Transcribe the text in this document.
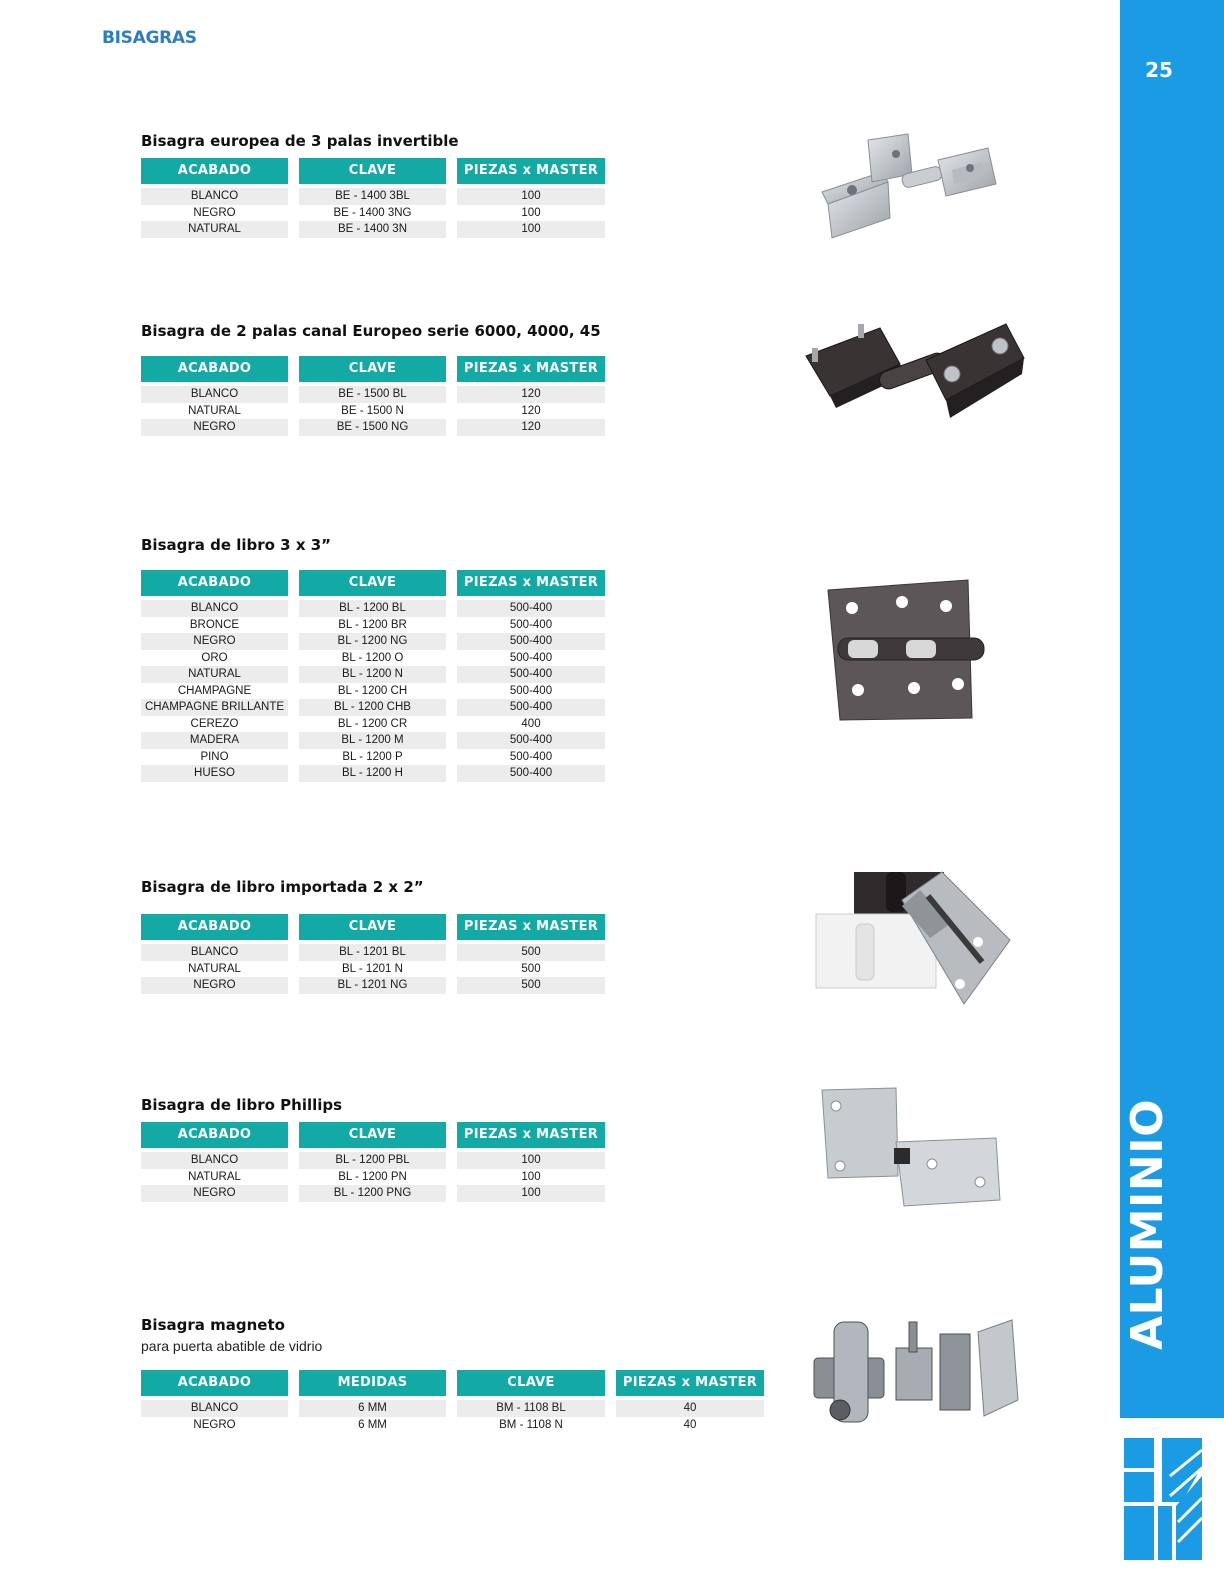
BISAGRAS
25
ALUMINIO
Bisagra europea de 3 palas invertible
ACABADO	CLAVE	PIEZAS x MASTER
BLANCO	BE - 1400 3BL	100
NEGRO	BE - 1400 3NG	100
NATURAL	BE - 1400 3N	100
Bisagra de 2 palas canal Europeo serie 6000, 4000, 45
ACABADO	CLAVE	PIEZAS x MASTER
BLANCO	BE - 1500 BL	120
NATURAL	BE - 1500 N	120
NEGRO	BE - 1500 NG	120
Bisagra de libro 3 x 3”
ACABADO	CLAVE	PIEZAS x MASTER
BLANCO	BL - 1200 BL	500-400
BRONCE	BL - 1200 BR	500-400
NEGRO	BL - 1200 NG	500-400
ORO	BL - 1200 O	500-400
NATURAL	BL - 1200 N	500-400
CHAMPAGNE	BL - 1200 CH	500-400
CHAMPAGNE BRILLANTE	BL - 1200 CHB	500-400
CEREZO	BL - 1200 CR	400
MADERA	BL - 1200 M	500-400
PINO	BL - 1200 P	500-400
HUESO	BL - 1200 H	500-400
Bisagra de libro importada 2 x 2”
ACABADO	CLAVE	PIEZAS x MASTER
BLANCO	BL - 1201 BL	500
NATURAL	BL - 1201 N	500
NEGRO	BL - 1201 NG	500
Bisagra de libro Phillips
ACABADO	CLAVE	PIEZAS x MASTER
BLANCO	BL - 1200 PBL	100
NATURAL	BL - 1200 PN	100
NEGRO	BL - 1200 PNG	100
Bisagra magneto
para puerta abatible de vidrio
ACABADO	MEDIDAS	CLAVE	PIEZAS x MASTER
BLANCO	6 MM	BM - 1108 BL	40
NEGRO	6 MM	BM - 1108 N	40
